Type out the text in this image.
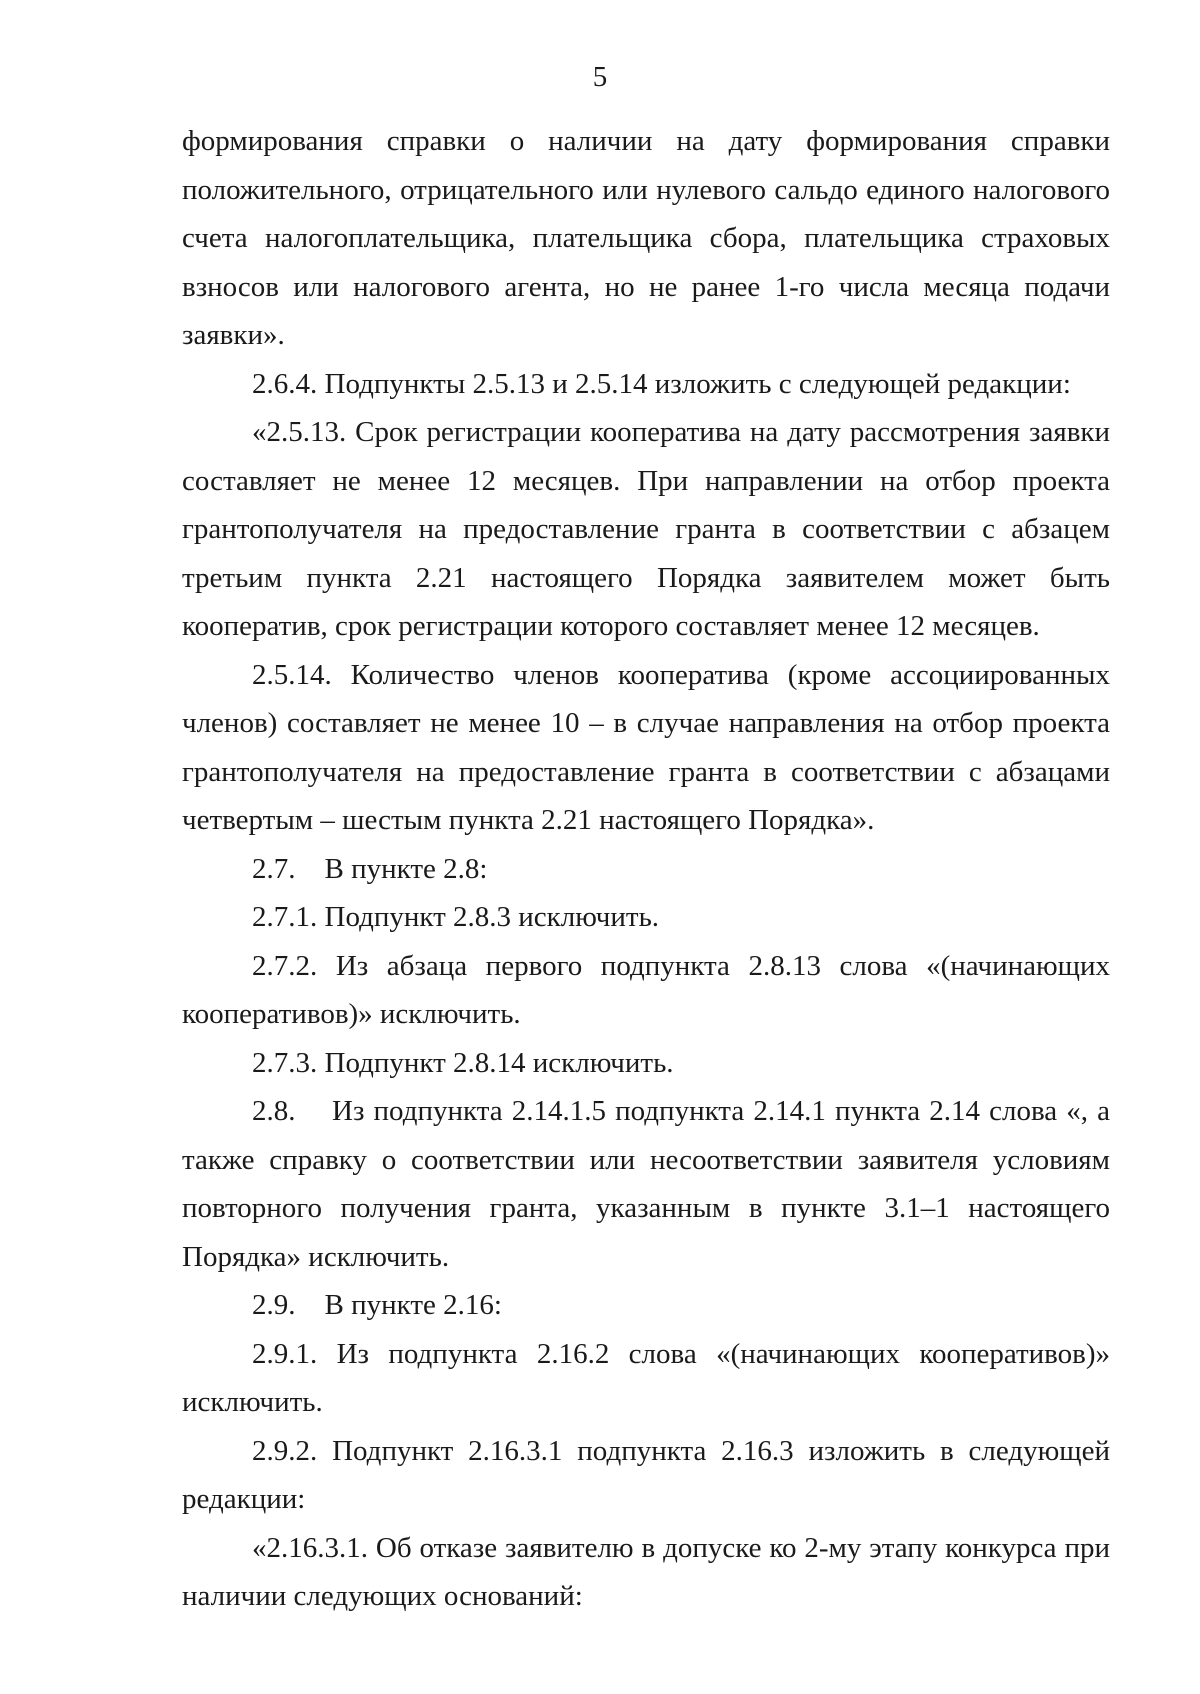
5

формирования справки о наличии на дату формирования справки положительного, отрицательного или нулевого сальдо единого налогового счета налогоплательщика, плательщика сбора, плательщика страховых взносов или налогового агента, но не ранее 1-го числа месяца подачи заявки».

2.6.4. Подпункты 2.5.13 и 2.5.14 изложить с следующей редакции:

«2.5.13. Срок регистрации кооператива на дату рассмотрения заявки составляет не менее 12 месяцев. При направлении на отбор проекта грантополучателя на предоставление гранта в соответствии с абзацем третьим пункта 2.21 настоящего Порядка заявителем может быть кооператив, срок регистрации которого составляет менее 12 месяцев.

2.5.14. Количество членов кооператива (кроме ассоциированных членов) составляет не менее 10 – в случае направления на отбор проекта грантополучателя на предоставление гранта в соответствии с абзацами четвертым – шестым пункта 2.21 настоящего Порядка».

2.7.    В пункте 2.8:

2.7.1. Подпункт 2.8.3 исключить.

2.7.2. Из абзаца первого подпункта 2.8.13 слова «(начинающих кооперативов)» исключить.

2.7.3. Подпункт 2.8.14 исключить.

2.8.    Из подпункта 2.14.1.5 подпункта 2.14.1 пункта 2.14 слова «, а также справку о соответствии или несоответствии заявителя условиям повторного получения гранта, указанным в пункте 3.1–1 настоящего Порядка» исключить.

2.9.    В пункте 2.16:

2.9.1. Из подпункта 2.16.2 слова «(начинающих кооперативов)» исключить.

2.9.2. Подпункт 2.16.3.1 подпункта 2.16.3 изложить в следующей редакции:

«2.16.3.1. Об отказе заявителю в допуске ко 2-му этапу конкурса при наличии следующих оснований:
